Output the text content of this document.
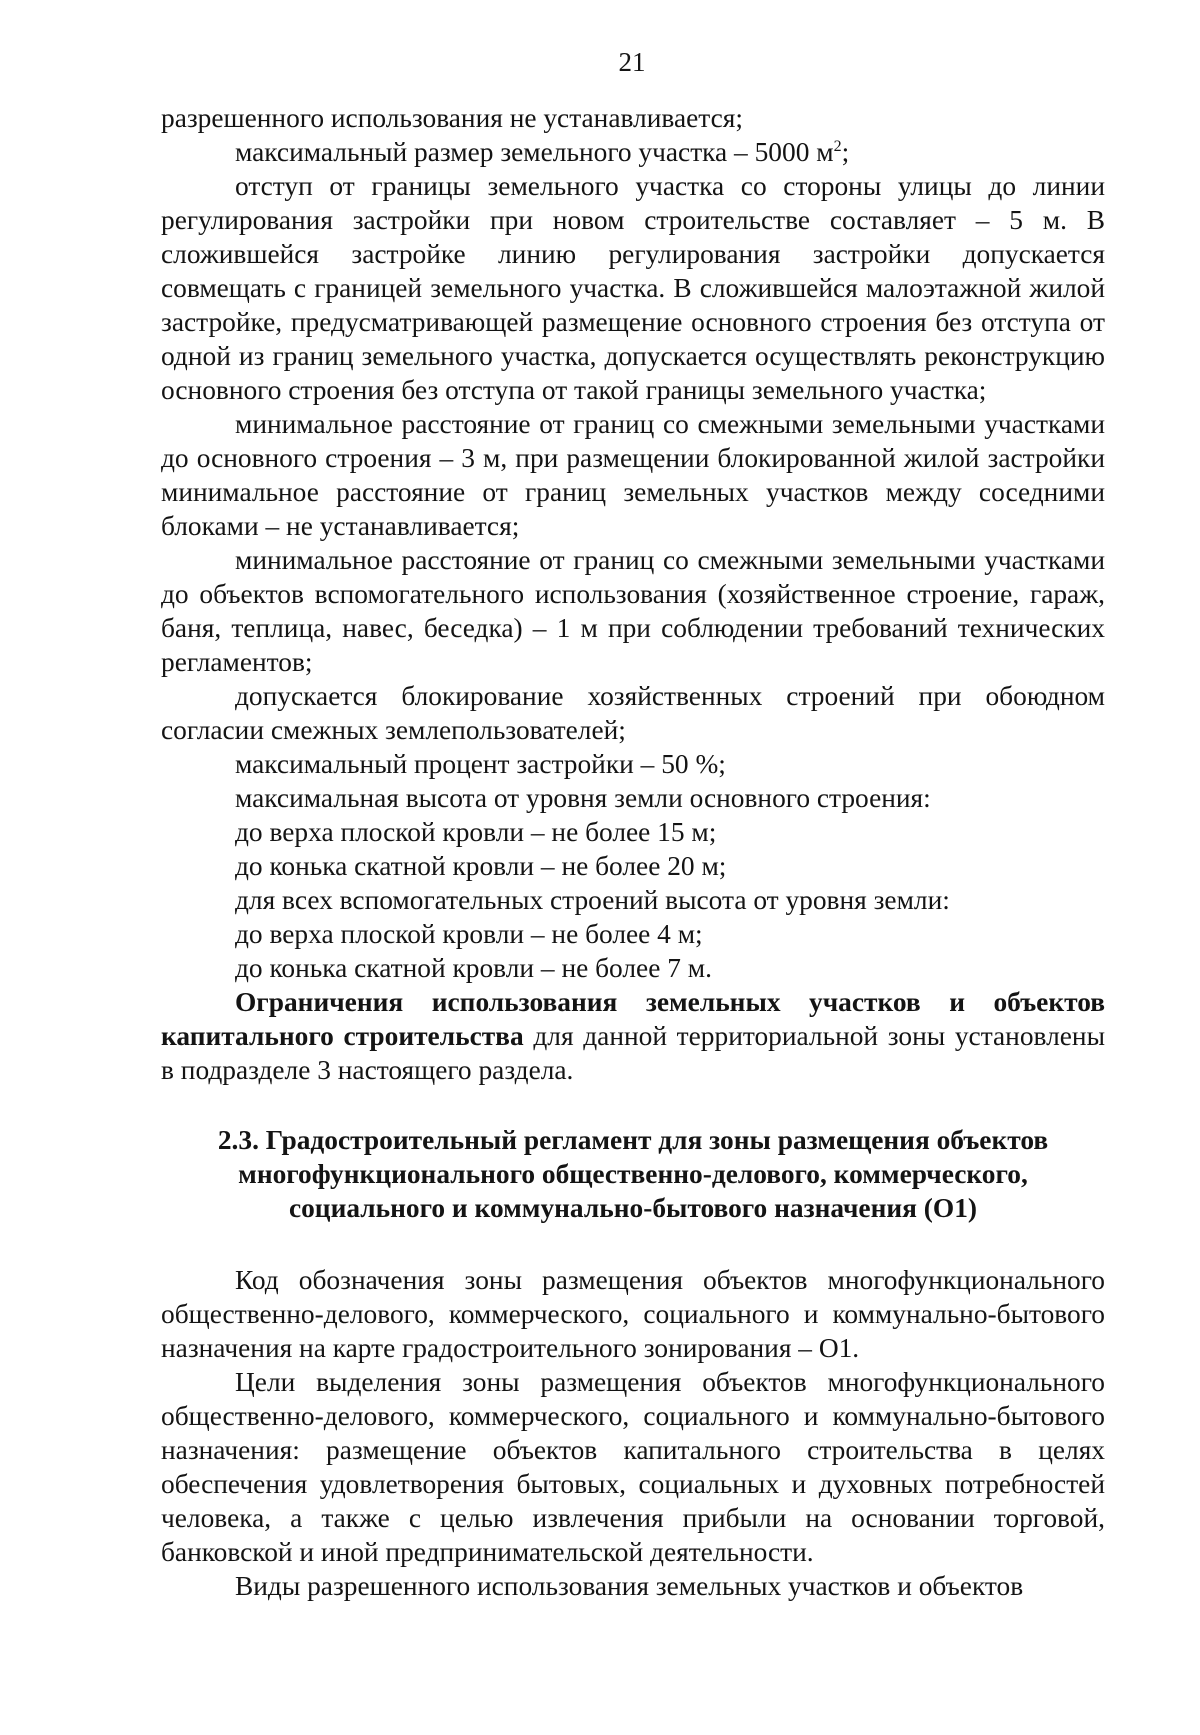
21

разрешенного использования не устанавливается;

максимальный размер земельного участка – 5000 $м^2$;

отступ от границы земельного участка со стороны улицы до линии регулирования застройки при новом строительстве составляет – 5 м. В сложившейся застройке линию регулирования застройки допускается совмещать с границей земельного участка. В сложившейся малоэтажной жилой застройке, предусматривающей размещение основного строения без отступа от одной из границ земельного участка, допускается осуществлять реконструкцию основного строения без отступа от такой границы земельного участка;

минимальное расстояние от границ со смежными земельными участками до основного строения – 3 м, при размещении блокированной жилой застройки минимальное расстояние от границ земельных участков между соседними блоками – не устанавливается;

минимальное расстояние от границ со смежными земельными участками до объектов вспомогательного использования (хозяйственное строение, гараж, баня, теплица, навес, беседка) – 1 м при соблюдении требований технических регламентов;

допускается блокирование хозяйственных строений при обоюдном согласии смежных землепользователей;

максимальный процент застройки – 50 %;

максимальная высота от уровня земли основного строения:

до верха плоской кровли – не более 15 м;

до конька скатной кровли – не более 20 м;

для всех вспомогательных строений высота от уровня земли:

до верха плоской кровли – не более 4 м;

до конька скатной кровли – не более 7 м.

Ограничения использования земельных участков и объектов капитального строительства для данной территориальной зоны установлены в подразделе 3 настоящего раздела.

2.3. Градостроительный регламент для зоны размещения объектов
многофункционального общественно-делового, коммерческого,
социального и коммунально-бытового назначения (О1)

Код обозначения зоны размещения объектов многофункционального общественно-делового, коммерческого, социального и коммунально-бытового назначения на карте градостроительного зонирования – О1.

Цели выделения зоны размещения объектов многофункционального общественно-делового, коммерческого, социального и коммунально-бытового назначения: размещение объектов капитального строительства в целях обеспечения удовлетворения бытовых, социальных и духовных потребностей человека, а также с целью извлечения прибыли на основании торговой, банковской и иной предпринимательской деятельности.

Виды разрешенного использования земельных участков и объектов
